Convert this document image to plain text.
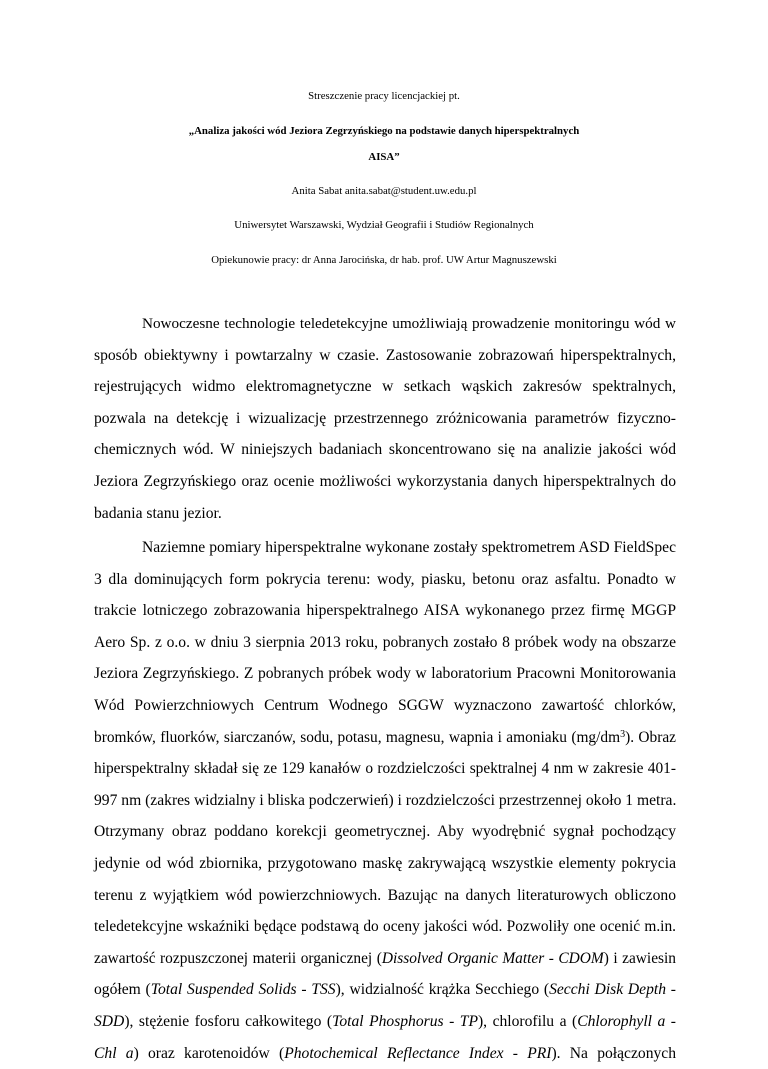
Streszczenie pracy licencjackiej pt.
„Analiza jakości wód Jeziora Zegrzyńskiego na podstawie danych hiperspektralnych
AISA”
Anita Sabat anita.sabat@student.uw.edu.pl
Uniwersytet Warszawski, Wydział Geografii i Studiów Regionalnych
Opiekunowie pracy: dr Anna Jarocińska, dr hab. prof. UW Artur Magnuszewski
Nowoczesne technologie teledetekcyjne umożliwiają prowadzenie monitoringu wód w
sposób obiektywny i powtarzalny w czasie. Zastosowanie zobrazowań hiperspektralnych,
rejestrujących widmo elektromagnetyczne w setkach wąskich zakresów spektralnych,
pozwala na detekcję i wizualizację przestrzennego zróżnicowania parametrów fizyczno-
chemicznych wód. W niniejszych badaniach skoncentrowano się na analizie jakości wód
Jeziora Zegrzyńskiego oraz ocenie możliwości wykorzystania danych hiperspektralnych do
badania stanu jezior.
Naziemne pomiary hiperspektralne wykonane zostały spektrometrem ASD FieldSpec
3 dla dominujących form pokrycia terenu: wody, piasku, betonu oraz asfaltu. Ponadto w
trakcie lotniczego zobrazowania hiperspektralnego AISA wykonanego przez firmę MGGP
Aero Sp. z o.o. w dniu 3 sierpnia 2013 roku, pobranych zostało 8 próbek wody na obszarze
Jeziora Zegrzyńskiego. Z pobranych próbek wody w laboratorium Pracowni Monitorowania
Wód Powierzchniowych Centrum Wodnego SGGW wyznaczono zawartość chlorków,
bromków, fluorków, siarczanów, sodu, potasu, magnesu, wapnia i amoniaku $(mg/dm^3)$. Obraz
hiperspektralny składał się ze 129 kanałów o rozdzielczości spektralnej 4 nm w zakresie 401-
997 nm (zakres widzialny i bliska podczerwień) i rozdzielczości przestrzennej około 1 metra.
Otrzymany obraz poddano korekcji geometrycznej. Aby wyodrębnić sygnał pochodzący
jedynie od wód zbiornika, przygotowano maskę zakrywającą wszystkie elementy pokrycia
terenu z wyjątkiem wód powierzchniowych. Bazując na danych literaturowych obliczono
teledetekcyjne wskaźniki będące podstawą do oceny jakości wód. Pozwoliły one ocenić m.in.
zawartość rozpuszczonej materii organicznej (Dissolved Organic Matter - CDOM) i zawiesin
ogółem (Total Suspended Solids - TSS), widzialność krążka Secchiego (Secchi Disk Depth -
SDD), stężenie fosforu całkowitego (Total Phosphorus - TP), chlorofilu a (Chlorophyll a -
Chl a) oraz karotenoidów (Photochemical Reflectance Index - PRI). Na połączonych
